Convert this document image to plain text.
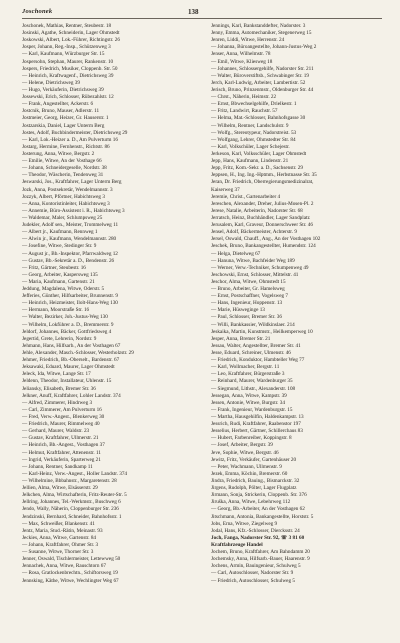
Joschonek	138
Joschonek, Mathias, Rentner, Steubestr. 18
Josinski, Agathe, Schneiderin, Lager Ohmstedt
Joskowski, Albert, Lok.-Führer, Richtingstr. 26
Josper, Johann, Reg.-Insp., Schützenweg 3
— Karl, Kaufmann, Würzburger Str. 15
Jospersohn, Stephan, Maurer, Rankenstr. 10
Jospers, Friedrich, Musiker, Cloppenb. Str. 50
— Heinrich, Kraftwagenf., Dietrichsweg 39
— Helene, Dietrichsweg 39
— Hugo, Verkäuferin, Dietrichsweg 39
Jossewski, Erich, Schlosser, Rübezahlstr. 12
— Frank, Angestellter, Ackerstr. 6
Jostcnik, Bruno, Mauser, Adlerstr. 11
Jostmeier, Georg, Heizer, Gr. Hauserstr. 1
Jostzarskia, Daniel, Lager Unterm Berg
Jostes, Adolf, Buchbindermeister, Dietrichsweg 29
— Karl, Lok.-Heizer a. D., Am Pulverturm 16
Jostarg, Hermine, Fernhenstr., Richtstr. 86
Josterung, Anna, Witwe, Bergstr. 2
— Emilie, Witwe, An der Vosthage 66
— Johann, Schneidergeselle, Nordstr. 38
— Theodor, Wäscherin, Tendenweg 31
Jeswarski, Jos., Kraftfahrer, Lager Unterm Berg
Jozk, Anna, Postsekretär, Wendelmannstr. 3
Jozzyk, Albert, Pförtner, Habichtsweg 3
— Anna, Kontoristinleiter, Habichtsweg 3
— Annemie, Büro-Assistent i. R., Habichtsweg 3
— Waldemar, Maler, Schlumpsweg 25
Judekler, Adolf sen., Meister, Trommelweg 11
— Albert jr., Kaufmann, Rennweg 1
— Alwin jr., Kaufmann, Wendelmannstr. 280
— Josefine, Witwe, Stedinger Str. 9
— August jr., Bb.-Inspektor, Pfarrwaldweg 12
— Gustav, Bb.-Sekretär a. D., Bendenstr. 26
— Fritz, Gärtner, Steubestr. 16
— Georg, Arbeiter, Kaspersweg 135
— Maria, Kaufmann, Gartenstr. 21
Jeddung, Magdalena, Witwe, Oderstr. 5
Jefferies, Günther, Hilfsarbeiter, Brunnenstr. 9
— Heinrich, Heizmeister, Ilolt-Hans-Weg 130
— Hermann, Moorstraße Str. 16
— Walter, Bezirker, Joh.-Justus-Weg 130
— Wilhelm, Lokführer a. D., Bremmerstr. 9
Jeldorf, Johannes, Bäcker, Gottfriedsweg 4
Jegertid, Grete, Lehrerin, Nordstr. 9
Jehmann, Hans, Hilfsarb., An der Vosthagen 67
Jehle, Alexander, Masch.-Schlosser, Westerholzstr. 29
Jehmer, Friedrich, Bb.-Oberselt., Bardenstr. 67
Jeksawaki, Eduard, Maurer, Lager Ohmstedt
Jeleck, Ida, Witwe, Lange Str. 17
Jeldenn, Theodor, Installateur, Uhlenstr. 15
Jeliansky, Elisabeth, Bremer Str. 36
Jelkner, Anuff, Kraftfahrer, Lohler Landstr. 374
— Alfred, Zimmerer, Hindrweg 3
— Carl, Zimmerer, Am Pulverturm 16
— Fred, Verw.-Angest., Blenkerweg 30
— Friedrich, Maurer, Rimmelweg 40
— Gerhard, Maurer, Waldstr. 23
— Gustav, Kraftfahrer, Ullmerstr. 21
— Heinrich, Bb.-Angest., Vosthagen 37
— Helmut, Kraftfahrer, Attenenstr. 11
— Ingrid, Verkäuferin, Sparterweg 21
— Johann, Rentner, Sandkamp 11
— Karl-Heinz, Verw.-Angest., Holler Landstr. 374
— Wilhelmine, Bbbahnstr., Margaretenstr. 28
Jellien, Alma, Witwe, Elsässerstr. 29
Jelkchen, Alma, Wirtschafterin, Fritz-Reuter-Str. 5
Jellring, Johannes, Tel.-Werkmstr., Buschweg 6
Jendo, Wally, Näherin, Cloppenburger Str. 236
Jendzinski, Bernhard, Schneider, Bahnhofsstr. 1
— Max, Schweißer, Blankenstr. 41
Jentz, Maria, Stud.-Rätin, Meinastr. 93
Jeckies, Anna, Witwe, Gartenstr. 84
— Johann, Kraftfahrer, Ohmer Str. 3
— Susanne, Witwe, Thorner Str. 3
Jenner, Oswald, Tischlermeister, Lettewweg 50
Jennachek, Anna, Witwe, Rauschtorn 67
— Rosa, Gratlockenbrechtn., Schiftorsweg 19
Jennsking, Käthe, Witwe, Wechlingter Weg 67
Jennings, Karl, Bankstanddefter, Nadorster. 3
Jenny, Emma, Automechaniker, Stegenerweg 15
Jenren, Liddi, Witwe, Herrenstr. 24
— Johanna, Büroangestellte, Johann-Justus-Weg 2
Jenser, Anna, Wilhelmstr. 78
— Emil, Witwe, Kliesweg 18
— Johannes, Schlossergehilfe, Nadorster Str. 211
— Walter, Büroverstiftsb., Schwabinger Str. 19
Jerch, Karl-Ludwig, Arbeiter, Lambertistr. 52
Jerisch, Bruno, Prinzenmstr., Oldenburger Str. 44
— Chrst., Näherin, Heimstr. 22
— Ernst, Bbwechselgehilfe, Drielkestr. 1
— Fritz, Landwirt, Rauchstr. 57
— Helma, Mat.-Schlosser, Bahnhofsgasse 30
— Wilhelm, Rentner, Landschulstr. 9
— Wolfg., Stereotypeur, Nadorstreist. 53
— Wolfgang, Lehrer, Ohmstedter Str. 84
— Karl, Volkschüler, Lager Schejestr.
Jerkeson, Karl, Volksschüler, Lager Ohmstedt
Jepp, Hans, Kaufmann, Lindenstr. 21
Jepp, Fritz, Kom.-Sekr. a. D., Sachsenstr. 29
Jeppsen, H., Ing. Ing.-Hptmm., Herbstnasse Str. 35
Jeran, Dr. Friedrich, Oberregierungsmedizinalrat,
Kaiserweg 37
Jeremie, Christ., Gartenarbeiter 4
Jereschen, Alexander, Dreher, Julius-Mosen-Pl. 2
Jerese, Natalie, Arbeiterin, Nadorster Str. 68
Jerratsch, Heinz, Buchhändler, Lager Sandplatz
Jerusalem, Karl, Graveur, Donnerschweer Str. 46
Jensel, Adolf, Bäckermeister, Achterstr. 9
Jersel, Oswald, Chauff., Ang., An der Vosthagen 102
Jeschek, Bruno, Bankangestellter, Humendstr. 124
— Helga, Dietelweg 67
— Hanuna, Witwe, Bachfeider Weg 189
— Werner, Verw.-Techniker, Schumpenweg 49
Jeschowski, Ernst, Schlosser, Mittelstr. 41
Jeschor, Alma, Witwe, Ohmstedt 15
— Bruno, Arbeiter, Gr. Hamelsweg
— Ernst, Postschaffner, Vogelsweg 7
— Hans, Ingenieur, Hoppenstr. 13
— Marie, Hüsweginge 13
— Paul, Schlosser, Bremer Str. 36
— Willi, Bankkassier, Wildkinslaer. 214
Jeskaika, Martin, Kunstmstr., Heilkemperweg 10
Jesper, Anna, Bremer Str. 21
Jessau, Walter, Angestellter, Bremer Str. 41
Jesse, Eduard, Schreiner, Ulmenstr. 46
— Friedrich, Konduktor, Hambteller Weg 77
— Karl, Wollmacher, Bergstr. 11
— Leo, Kraftfahrer, Bürgerstraße 3
— Reinhard, Maurer, Wardenburger 35
— Siegmund, Lithstr., Alexanderstr. 108
Jessegan, Anna, Witwe, Kampstr. 39
Jessen, Antonie, Witwe, Burgstr. 34
— Frank, Ingenieur, Wardenburgstr. 15
— Martha, Hausgehilfin, Haldenkampstr. 13
Jessrich, Rudi, Kraftfahrer, Raabenstor 197
Jesselius, Herbert, Gärtner, Schillerchaus 83
— Hubert, Farbenreiber, Koppingstr. 8
— Josef, Arbeiter, Bergstr. 39
Jeve, Sophie, Witwe, Bergstr. 46
Jewitz, Fritz, Verkäufer, Gartenhäuser 20
— Peter, Wachmann, Ullmenstr. 9
Jezek, Emma, Köchin, Bremerstr. 60
Jindra, Friedrich, Bauing., Bismarckstr. 32
Jirgens, Rudolph, Pölter, Lager Flugplatz
Jirmann, Sonja, Strickerin, Cloppenb. Str. 376
Jiruška, Anna, Witwe, Lebehrweg 112
— Georg, Bb.-Arbeiter, An der Vosthagen 62
Jitschmann, Antonia, Bankangestellte, Horststr. 5
Jobs, Erna, Witwe, Ziegelweg 9
Jodal, Hans, Kfz.-Schlosser, Diercksstr. 24
Joch, Fanga, Nadorster Str. 92, ☏ 3 81 60
Kraftfahrzeuge Handel
Jochem, Bruno, Kraftfahrer, Am Bahndamm 20
Jochemsky, Anna, Hilfsarb.-Bauer, Haarenstr. 9
Jochens, Armin, Bauingenieur, Schulweg 5
— Carl, Autoschlosser, Nadorster Str. 9
— Friedrich, Autoschlosser, Schulweg 5
